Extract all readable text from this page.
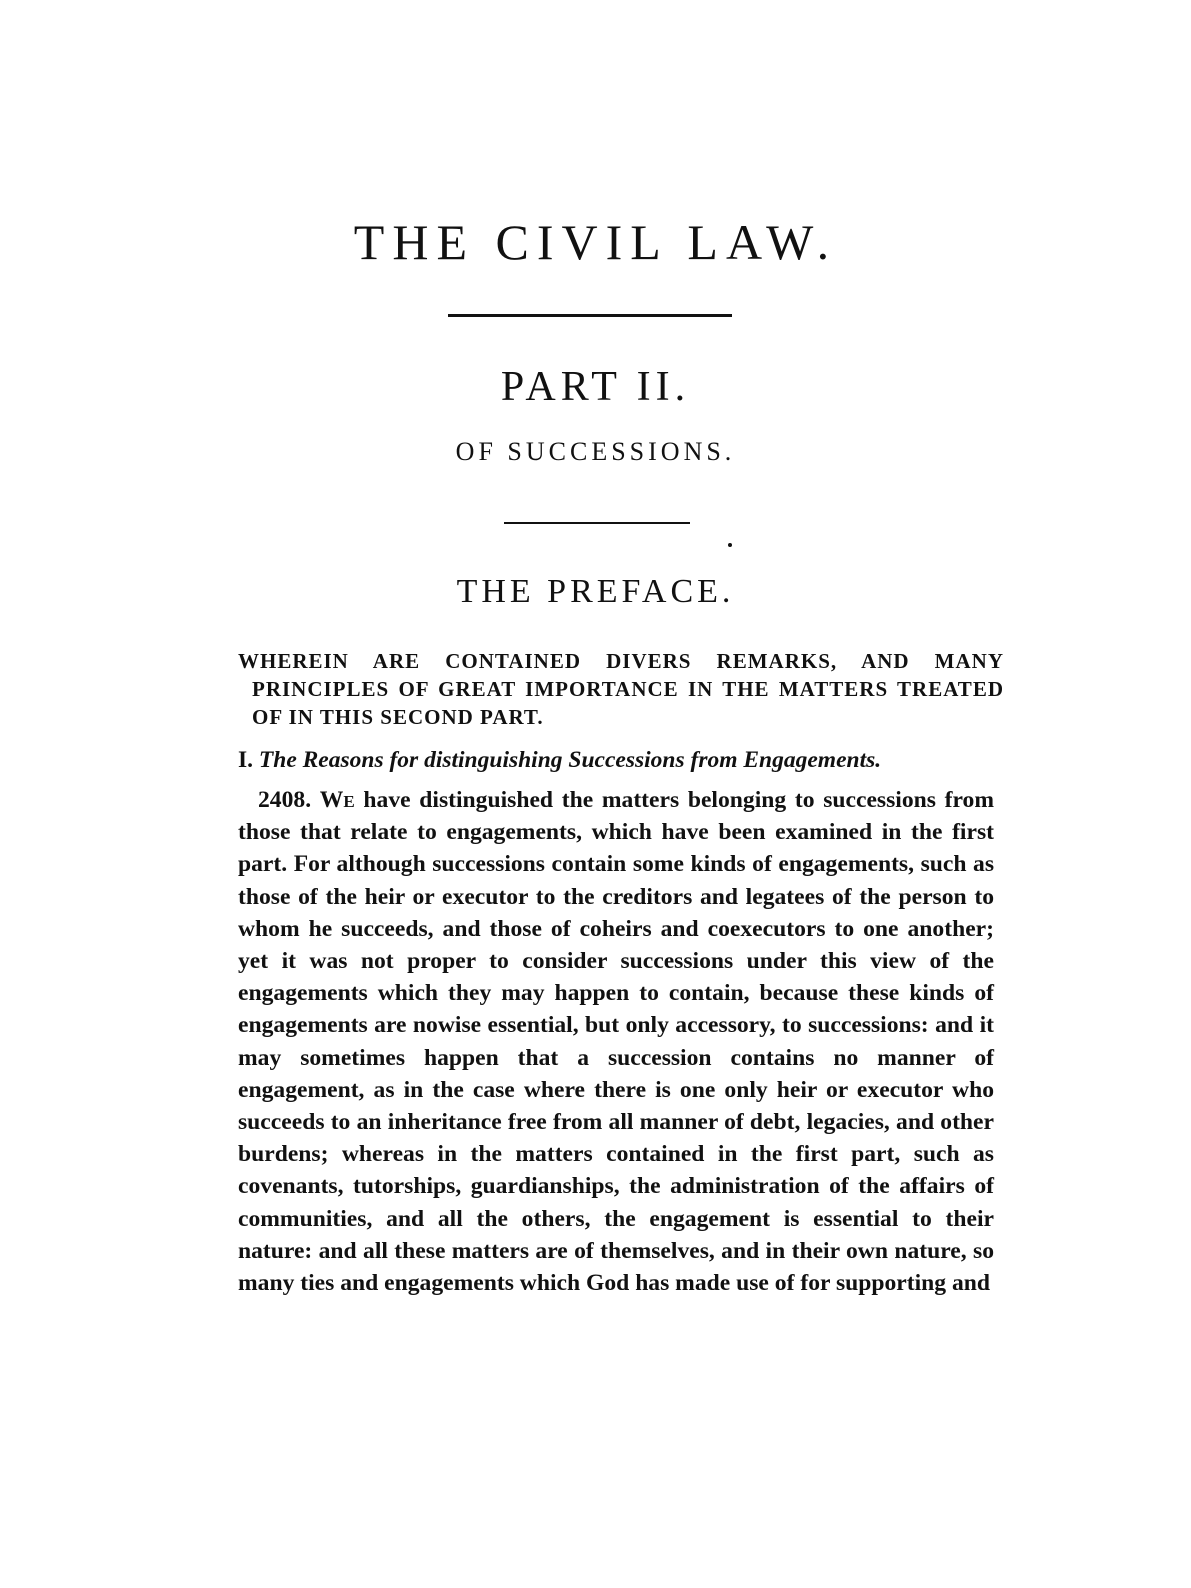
THE CIVIL LAW.
PART II.
OF SUCCESSIONS.
THE PREFACE.

WHEREIN ARE CONTAINED DIVERS REMARKS, AND MANY PRINCIPLES OF GREAT IMPORTANCE IN THE MATTERS TREATED OF IN THIS SECOND PART.

I. The Reasons for distinguishing Successions from Engagements.

2408. We have distinguished the matters belonging to successions from those that relate to engagements, which have been examined in the first part. For although successions contain some kinds of engagements, such as those of the heir or executor to the creditors and legatees of the person to whom he succeeds, and those of coheirs and coexecutors to one another; yet it was not proper to consider successions under this view of the engagements which they may happen to contain, because these kinds of engagements are nowise essential, but only accessory, to successions: and it may sometimes happen that a succession contains no manner of engagement, as in the case where there is one only heir or executor who succeeds to an inheritance free from all manner of debt, legacies, and other burdens; whereas in the matters contained in the first part, such as covenants, tutorships, guardianships, the administration of the affairs of communities, and all the others, the engagement is essential to their nature: and all these matters are of themselves, and in their own nature, so many ties and engagements which God has made use of for supporting and
